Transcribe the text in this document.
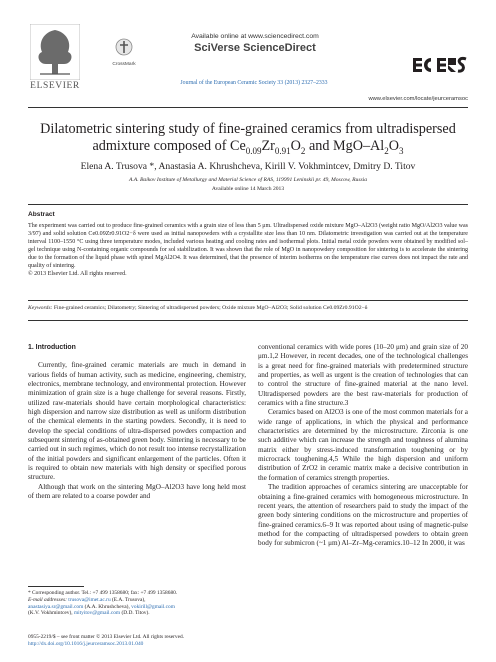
ELSEVIER
CrossMark
Available online at www.sciencedirect.com
SciVerse ScienceDirect
Journal of the European Ceramic Society 33 (2013) 2327–2333
www.elsevier.com/locate/jeurceramsoc
Dilatometric sintering study of fine-grained ceramics from ultradispersed
admixture composed of $Ce_{0.09}Zr_{0.91}O_2$ and MgO–$Al_2O_3$
Elena A. Trusova *, Anastasia A. Khrushcheva, Kirill V. Vokhmintcev, Dmitry D. Titov
A.A. Baikov Institute of Metallurgy and Material Science of RAS, 119991 Leninskii pr. 49, Moscow, Russia
Available online 14 March 2013
Abstract
The experiment was carried out to produce fine-grained ceramics with a grain size of less than 5 μm. Ultradispersed oxide mixture MgO–Al2O3 (weight ratio MgO/Al2O3 value was 3/97) and solid solution Ce0.09Zr0.91O2−δ were used as initial nanopowders with a crystallite size less than 10 nm. Dilatometric investigation was carried out at the temperature interval 1100–1550 °C using three temperature modes, included various heating and cooling rates and isothermal plots. Initial metal oxide powders were obtained by modified sol–gel technique using N-containing organic compounds for sol stabilization. It was shown that the role of MgO in nanopowdery composition for sintering is to accelerate the sintering due to the formation of the liquid phase with spinel MgAl2O4. It was determined, that the presence of interim isotherms on the temperature rise curves does not impact the rate and quality of sintering.
© 2013 Elsevier Ltd. All rights reserved.
Keywords: Fine-grained ceramics; Dilatometry; Sintering of ultradispersed powders; Oxide mixture MgO–Al2O3; Solid solution Ce0.09Zr0.91O2−δ
1. Introduction

Currently, fine-grained ceramic materials are much in demand in various fields of human activity, such as medicine, engineering, chemistry, electronics, membrane technology, and environmental protection. However minimization of grain size is a huge challenge for several reasons. Firstly, utilized raw-materials should have certain morphological characteristics: high dispersion and narrow size distribution as well as uniform distribution of the chemical elements in the starting powders. Secondly, it is need to develop the special conditions of ultra-dispersed powders compaction and subsequent sintering of as-obtained green body. Sintering is necessary to be carried out in such regimes, which do not result too intense recrystallization of the initial powders and significant enlargement of the particles. Often it is required to obtain new materials with high density or specified porous structure.

Although that work on the sintering MgO–Al2O3 have long held most of them are related to a coarse powder and

conventional ceramics with wide pores (10–20 μm) and grain size of 20 μm.1,2 However, in recent decades, one of the technological challenges is a great need for fine-grained materials with predetermined structure and properties, as well as urgent is the creation of technologies that can to control the structure of fine-grained material at the nano level. Ultradispersed powders are the best raw-materials for production of ceramics with a fine structure.3

Ceramics based on Al2O3 is one of the most common materials for a wide range of applications, in which the physical and performance characteristics are determined by the microstructure. Zirconia is one such additive which can increase the strength and toughness of alumina matrix either by stress-induced transformation toughening or by microcrack toughening.4,5 While the high dispersion and uniform distribution of ZrO2 in ceramic matrix make a decisive contribution in the formation of ceramics strength properties.

The tradition approaches of ceramics sintering are unacceptable for obtaining a fine-grained ceramics with homogeneous microstructure. In recent years, the attention of researchers paid to study the impact of the green body sintering conditions on the microstructure and properties of fine-grained ceramics.6–9 It was reported about using of magnetic-pulse method for the compacting of ultradispersed powders to obtain green body for submicron (~1 μm) Al–Zr–Mg-ceramics.10–12 In 2000, it was

* Corresponding author. Tel.: +7 499 1358680; fax: +7 499 1358680.
E-mail addresses: trusova@imet.ac.ru (E.A. Trusova),
anastasiya.sr@gmail.com (A.A. Khrushcheva), vokirill@gmail.com
(K.V. Vokhmintcev), mityitov@gmail.com (D.D. Titov).
0955-2219/$ – see front matter © 2013 Elsevier Ltd. All rights reserved.
http://dx.doi.org/10.1016/j.jeurceramsoc.2013.01.040
